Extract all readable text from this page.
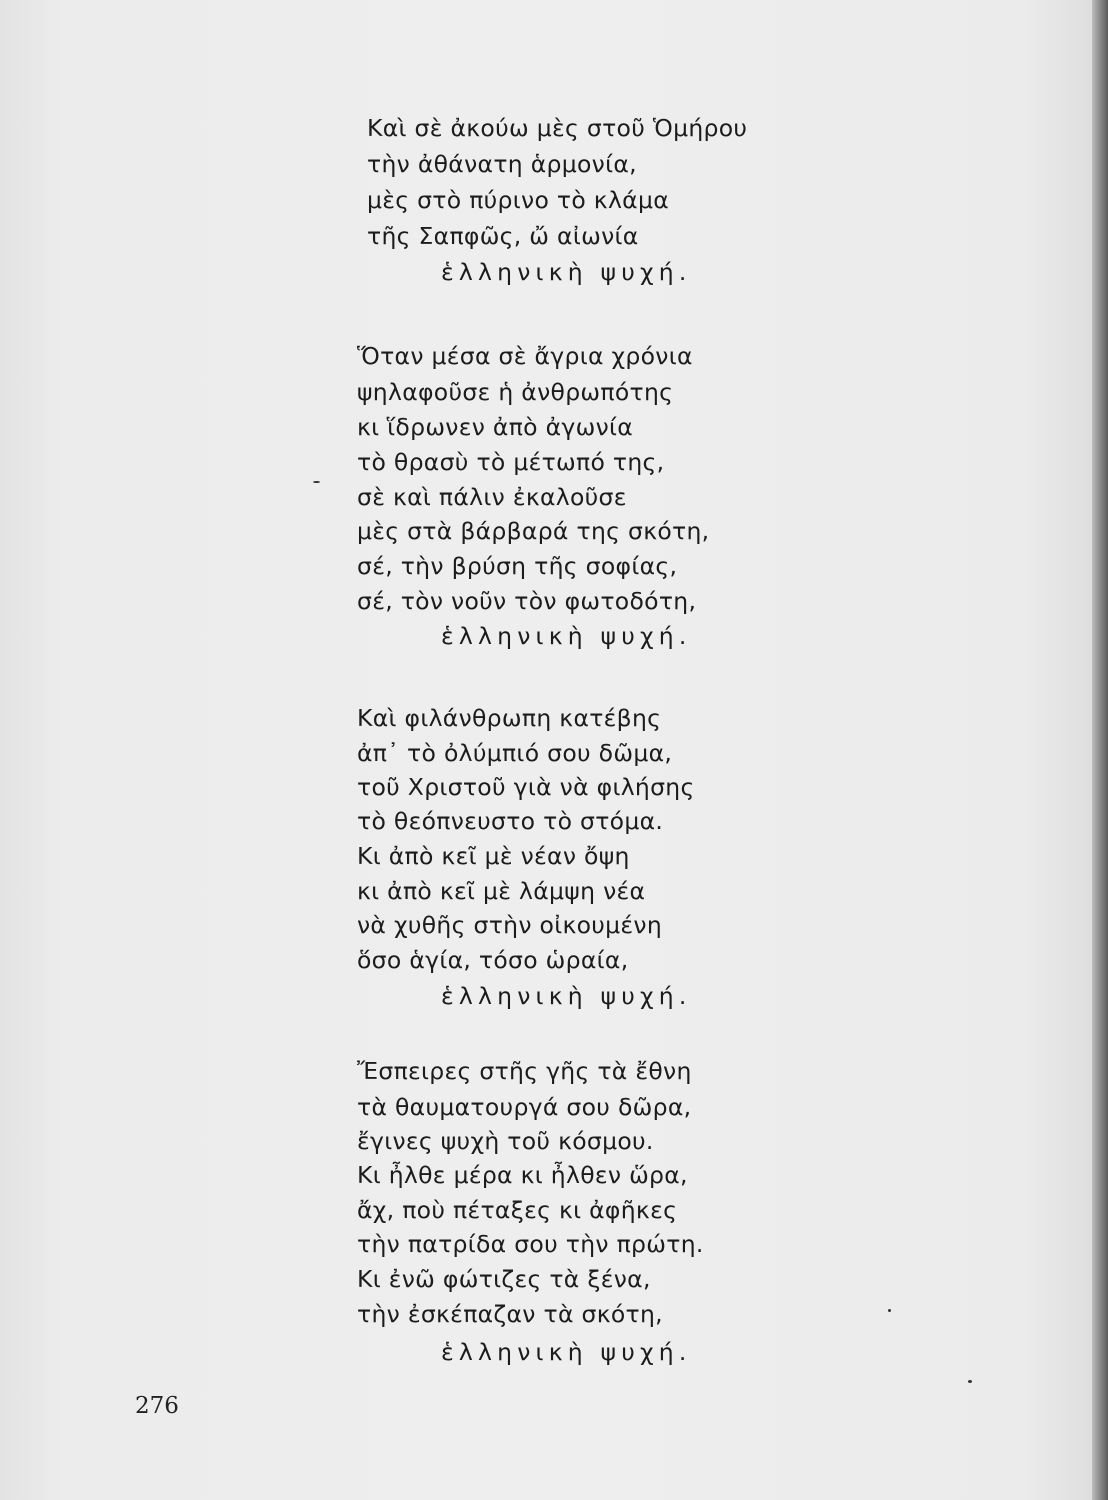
Καὶ σὲ ἀκούω μὲς στοῦ Ὁμήρου
τὴν ἀθάνατη ἁρμονία,
μὲς στὸ πύρινο τὸ κλάμα
τῆς Σαπφῶς, ὤ αἰωνία
ἑλληνικὴ ψυχή.
Ὅταν μέσα σὲ ἄγρια χρόνια
ψηλαφοῦσε ἡ ἀνθρωπότης
κι ἵδρωνεν ἀπὸ ἀγωνία
τὸ θρασὺ τὸ μέτωπό της,
σὲ καὶ πάλιν ἐκαλοῦσε
μὲς στὰ βάρβαρά της σκότη,
σέ, τὴν βρύση τῆς σοφίας,
σέ, τὸν νοῦν τὸν φωτοδότη,
ἑλληνικὴ ψυχή.
Καὶ φιλάνθρωπη κατέβης
ἀπ᾽ τὸ ὀλύμπιό σου δῶμα,
τοῦ Χριστοῦ γιὰ νὰ φιλήσης
τὸ θεόπνευστο τὸ στόμα.
Κι ἀπὸ κεῖ μὲ νέαν ὄψη
κι ἀπὸ κεῖ μὲ λάμψη νέα
νὰ χυθῆς στὴν οἰκουμένη
ὅσο ἁγία, τόσο ὡραία,
ἑλληνικὴ ψυχή.
Ἔσπειρες στῆς γῆς τὰ ἔθνη
τὰ θαυματουργά σου δῶρα,
ἔγινες ψυχὴ τοῦ κόσμου.
Κι ἦλθε μέρα κι ἦλθεν ὥρα,
ἄχ, ποὺ πέταξες κι ἀφῆκες
τὴν πατρίδα σου τὴν πρώτη.
Κι ἐνῶ φώτιζες τὰ ξένα,
τὴν ἐσκέπαζαν τὰ σκότη,
ἑλληνικὴ ψυχή.
276
